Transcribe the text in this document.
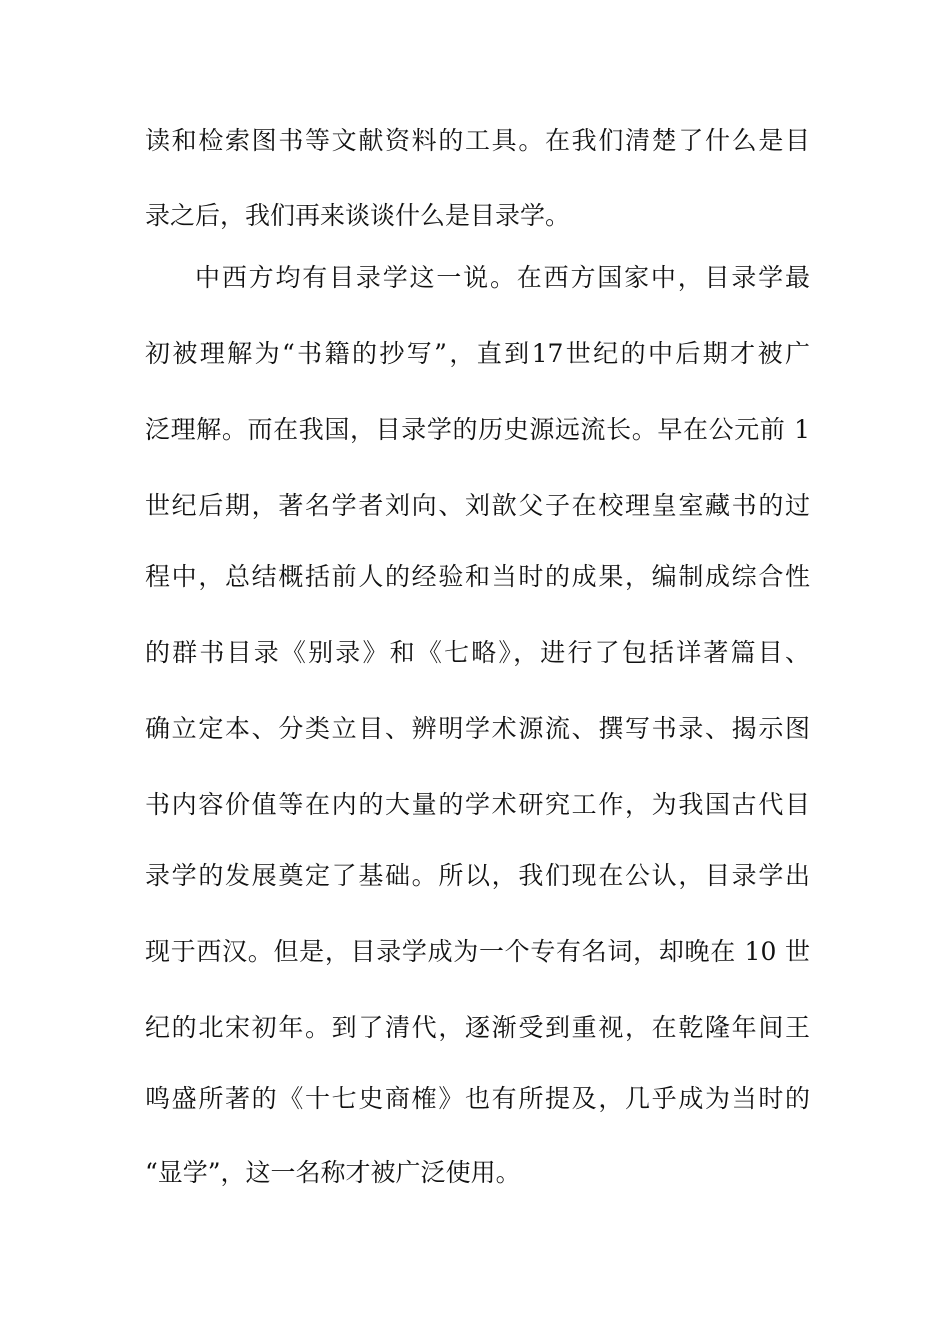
读和检索图书等文献资料的工具。在我们清楚了什么是目
录之后，我们再来谈谈什么是目录学。
中西方均有目录学这一说。在西方国家中，目录学最
初被理解为“书籍的抄写”，直到17世纪的中后期才被广
泛理解。而在我国，目录学的历史源远流长。早在公元前 1
世纪后期，著名学者刘向、刘歆父子在校理皇室藏书的过
程中，总结概括前人的经验和当时的成果，编制成综合性
的群书目录《别录》和《七略》，进行了包括详著篇目、
确立定本、分类立目、辨明学术源流、撰写书录、揭示图
书内容价值等在内的大量的学术研究工作，为我国古代目
录学的发展奠定了基础。所以，我们现在公认，目录学出
现于西汉。但是，目录学成为一个专有名词，却晚在 10 世
纪的北宋初年。到了清代，逐渐受到重视，在乾隆年间王
鸣盛所著的《十七史商榷》也有所提及，几乎成为当时的
“显学”，这一名称才被广泛使用。
